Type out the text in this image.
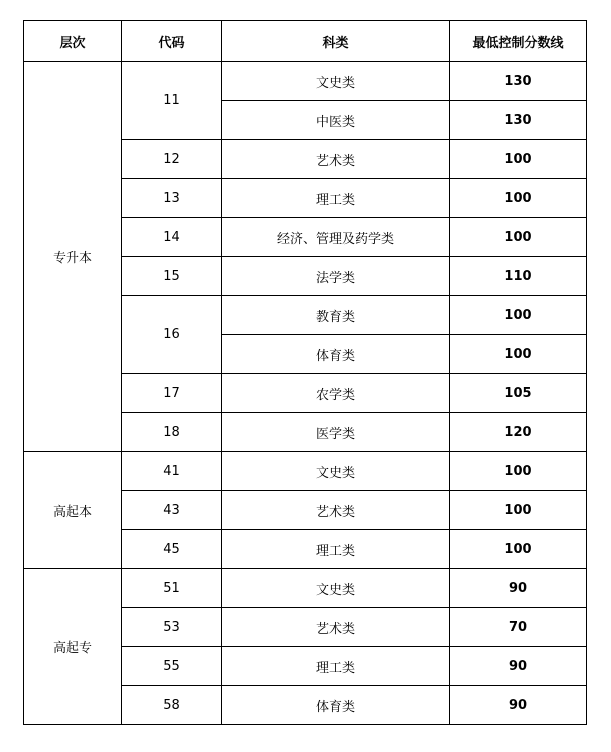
层次	代码	科类	最低控制分数线
专升本	11	文史类	130
		中医类	130
	12	艺术类	100
	13	理工类	100
	14	经济、管理及药学类	100
	15	法学类	110
	16	教育类	100
		体育类	100
	17	农学类	105
	18	医学类	120
高起本	41	文史类	100
	43	艺术类	100
	45	理工类	100
高起专	51	文史类	90
	53	艺术类	70
	55	理工类	90
	58	体育类	90
